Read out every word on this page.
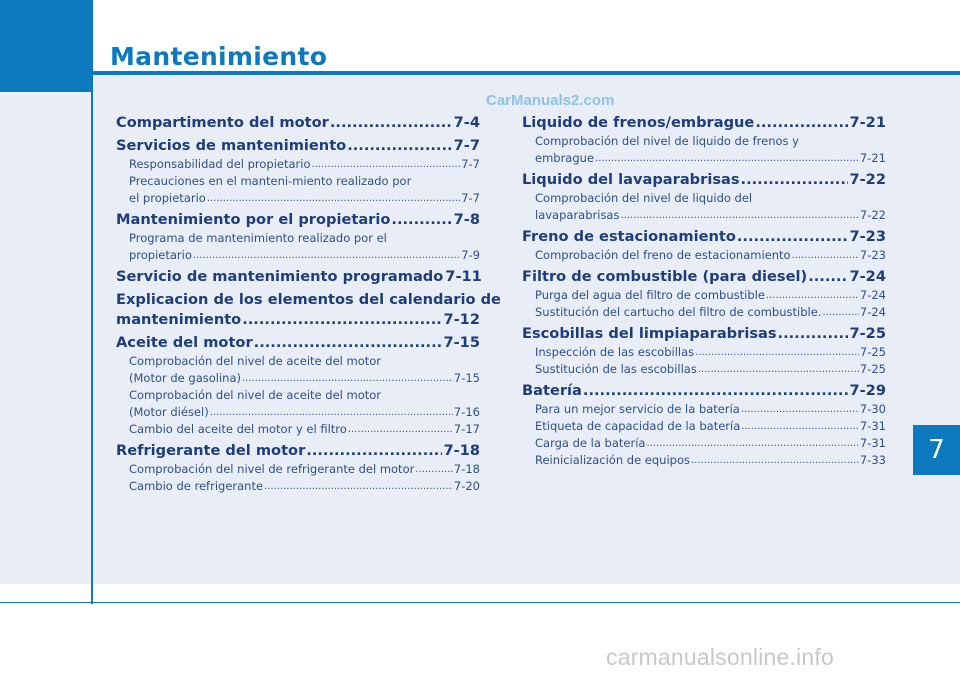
Mantenimiento
CarManuals2.com
Compartimento del motor .....	7-4
Servicios de mantenimiento .....	7-7
Responsabilidad del propietario .....	7-7
Precauciones en el manteni-miento realizado por
el propietario .....	7-7
Mantenimiento por el propietario .....	7-8
Programa de mantenimiento realizado por el
propietario .....	7-9
Servicio de mantenimiento programado 7-11
Explicacion de los elementos del calendario de
mantenimiento .....	7-12
Aceite del motor .....	7-15
Comprobación del nivel de aceite del motor
(Motor de gasolina) .....	7-15
Comprobación del nivel de aceite del motor
(Motor diésel) .....	7-16
Cambio del aceite del motor y el filtro .....	7-17
Refrigerante del motor .....	7-18
Comprobación del nivel de refrigerante del motor .....	7-18
Cambio de refrigerante .....	7-20
Liquido de frenos/embrague .....	7-21
Comprobación del nivel de liquido de frenos y
embrague .....	7-21
Liquido del lavaparabrisas .....	7-22
Comprobación del nivel de liquido del
lavaparabrisas .....	7-22
Freno de estacionamiento .....	7-23
Comprobación del freno de estacionamiento .....	7-23
Filtro de combustible (para diesel) .....	7-24
Purga del agua del filtro de combustible .....	7-24
Sustitución del cartucho del filtro de combustible. .....	7-24
Escobillas del limpiaparabrisas .....	7-25
Inspección de las escobillas .....	7-25
Sustitución de las escobillas .....	7-25
Batería .....	7-29
Para un mejor servicio de la batería .....	7-30
Etiqueta de capacidad de la batería .....	7-31
Carga de la batería .....	7-31
Reinicialización de equipos .....	7-33	7
carmanualsonline.info
